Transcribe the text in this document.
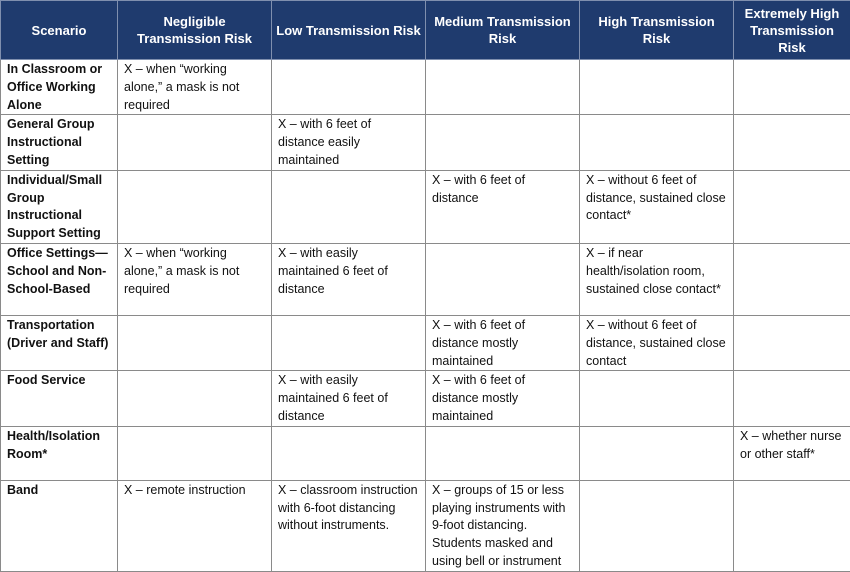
Scenario	Negligible Transmission Risk	Low Transmission Risk	Medium Transmission Risk	High Transmission Risk	Extremely High Transmission Risk
In Classroom or Office Working Alone	X – when “working alone,” a mask is not required				
General Group Instructional Setting		X – with 6 feet of distance easily maintained			
Individual/Small Group Instructional Support Setting			X – with 6 feet of distance	X – without 6 feet of distance, sustained close contact*	
Office Settings—School and Non-School-Based	X – when “working alone,” a mask is not required	X – with easily maintained 6 feet of distance		X – if near health/isolation room, sustained close contact*	
Transportation (Driver and Staff)			X – with 6 feet of distance mostly maintained	X – without 6 feet of distance, sustained close contact	
Food Service		X – with easily maintained 6 feet of distance	X – with 6 feet of distance mostly maintained		
Health/Isolation Room*					X – whether nurse or other staff*
Band	X – remote instruction	X – classroom instruction with 6-foot distancing without instruments.	X – groups of 15 or less playing instruments with 9-foot distancing. Students masked and using bell or instrument		
